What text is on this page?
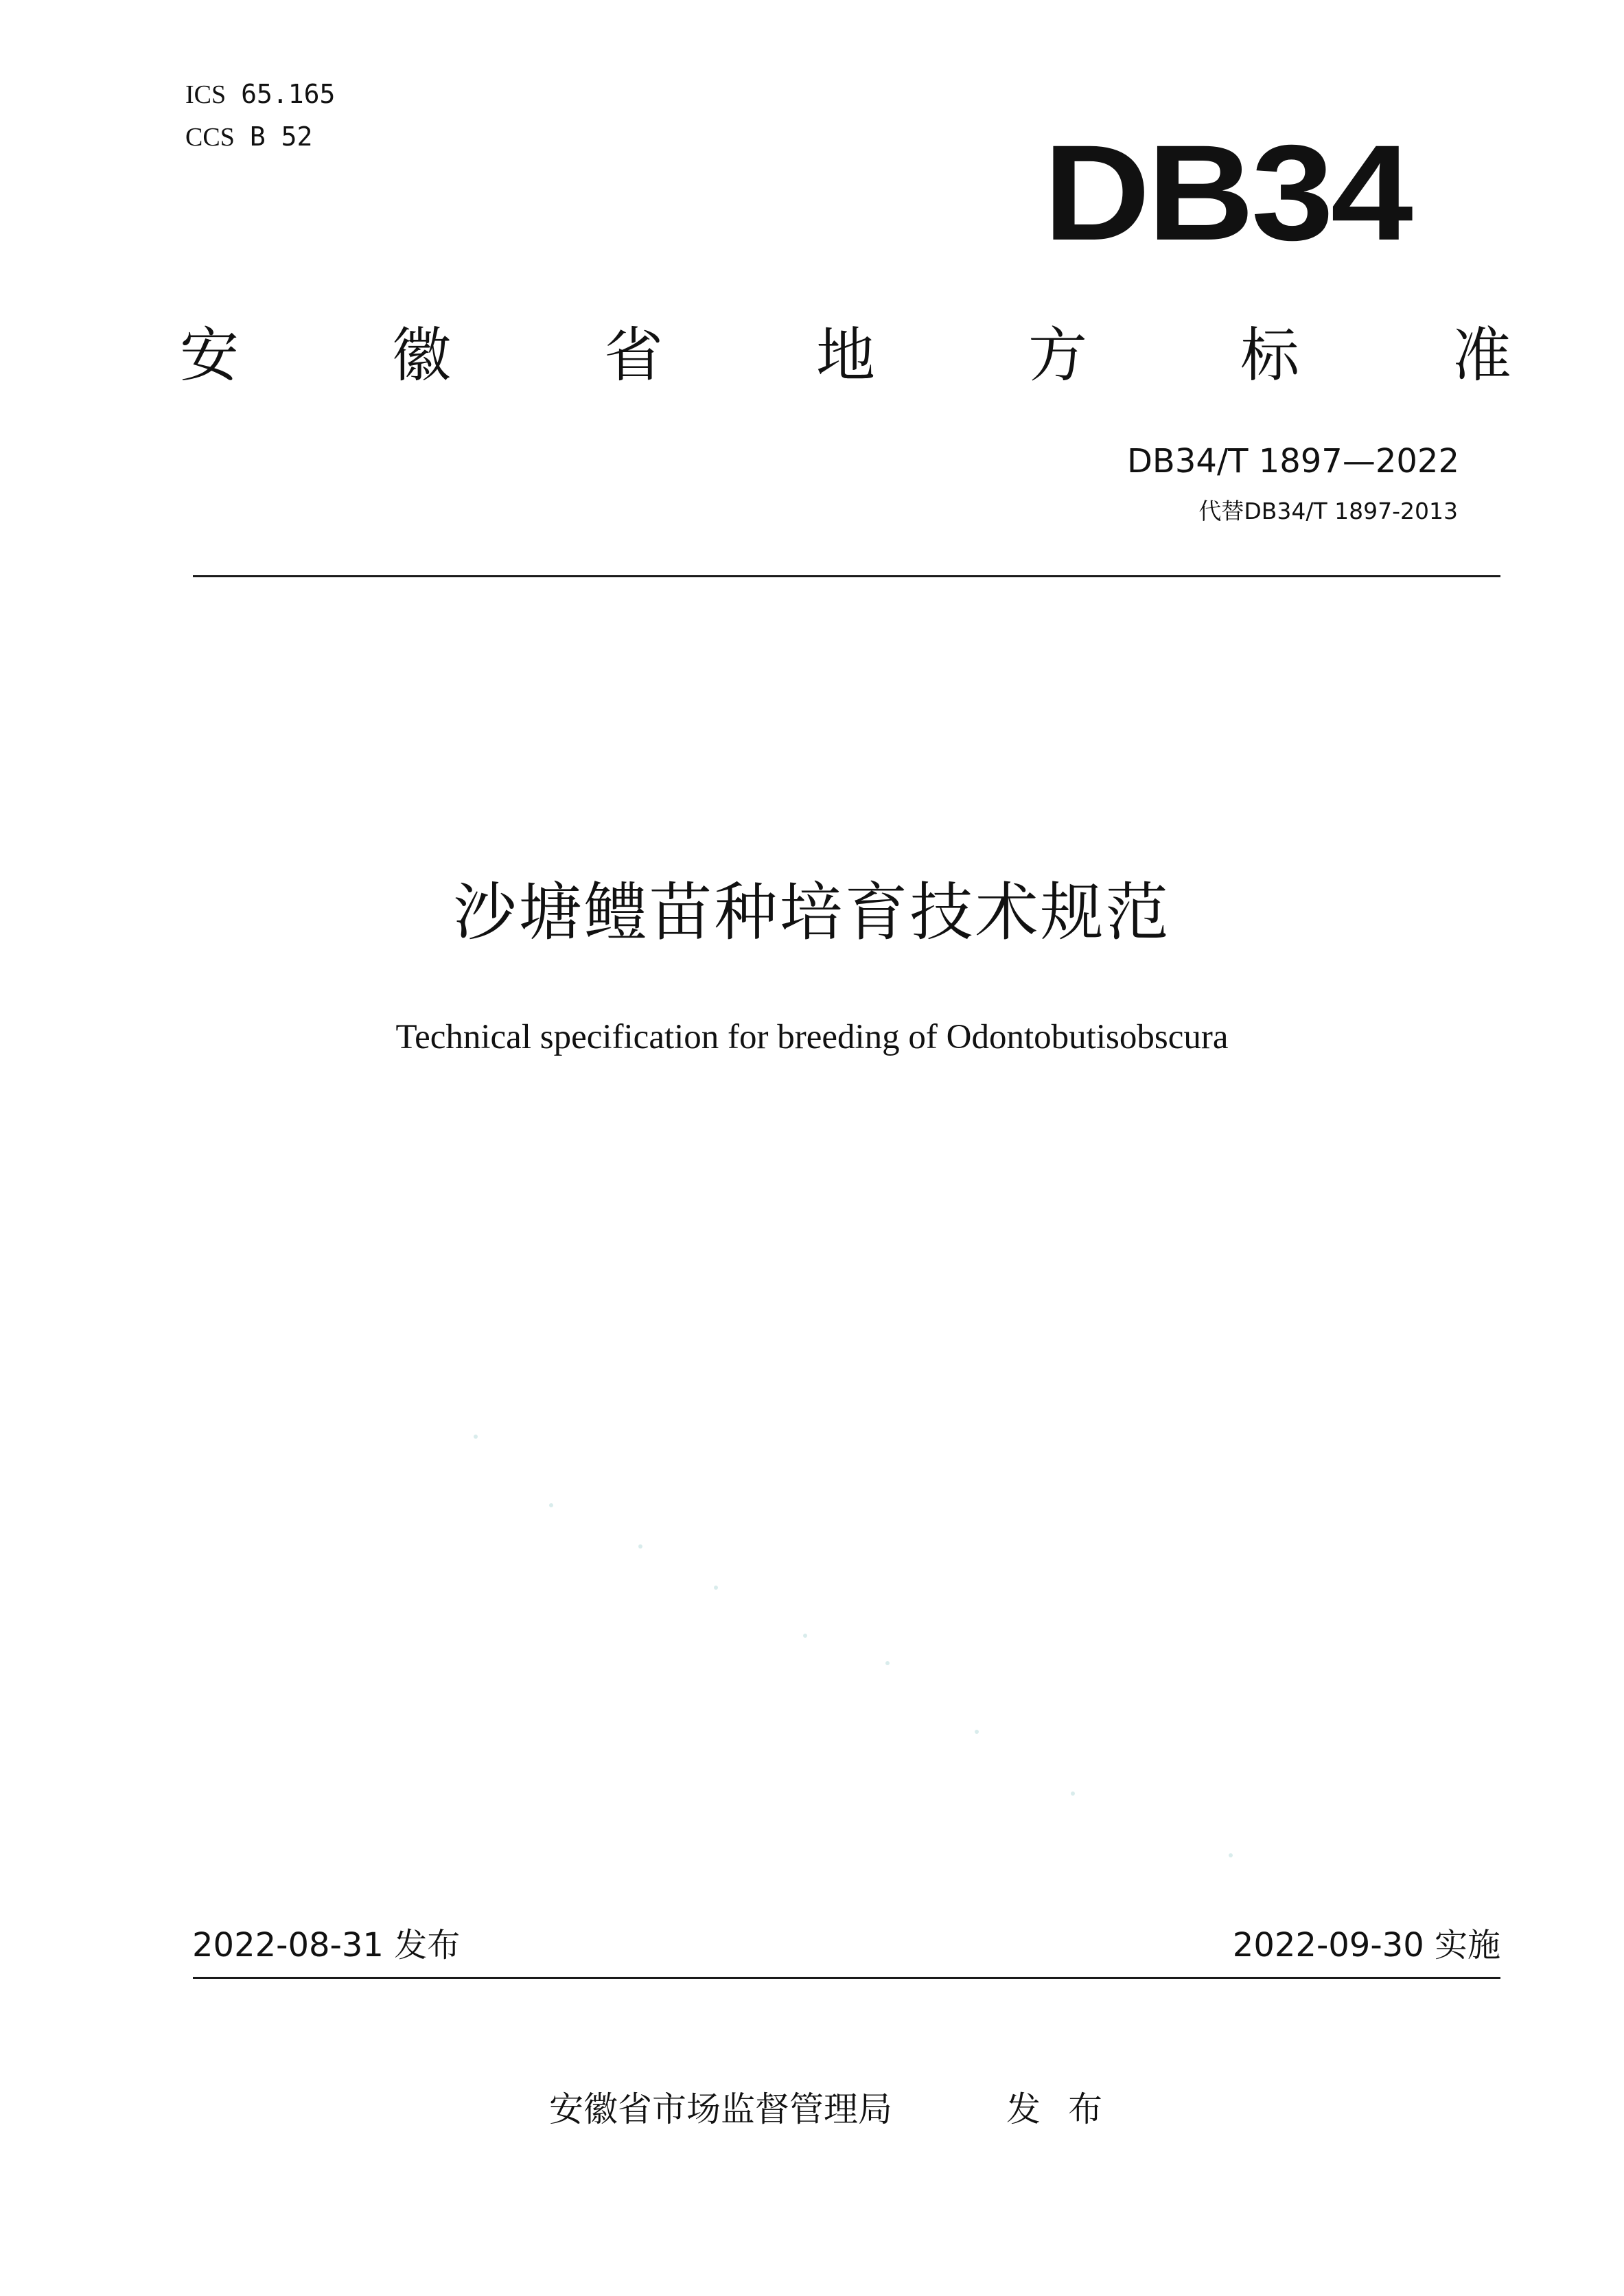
ICS 65.165
CCS B 52	DB34
安	徽	省	地	方	标	准
DB34/T 1897—2022
代替DB34/T 1897-2013
沙塘鳢苗种培育技术规范
Technical specification for breeding of Odontobutisobscura
2022-08-31 发布	2022-09-30 实施
安徽省市场监督管理局	发布
